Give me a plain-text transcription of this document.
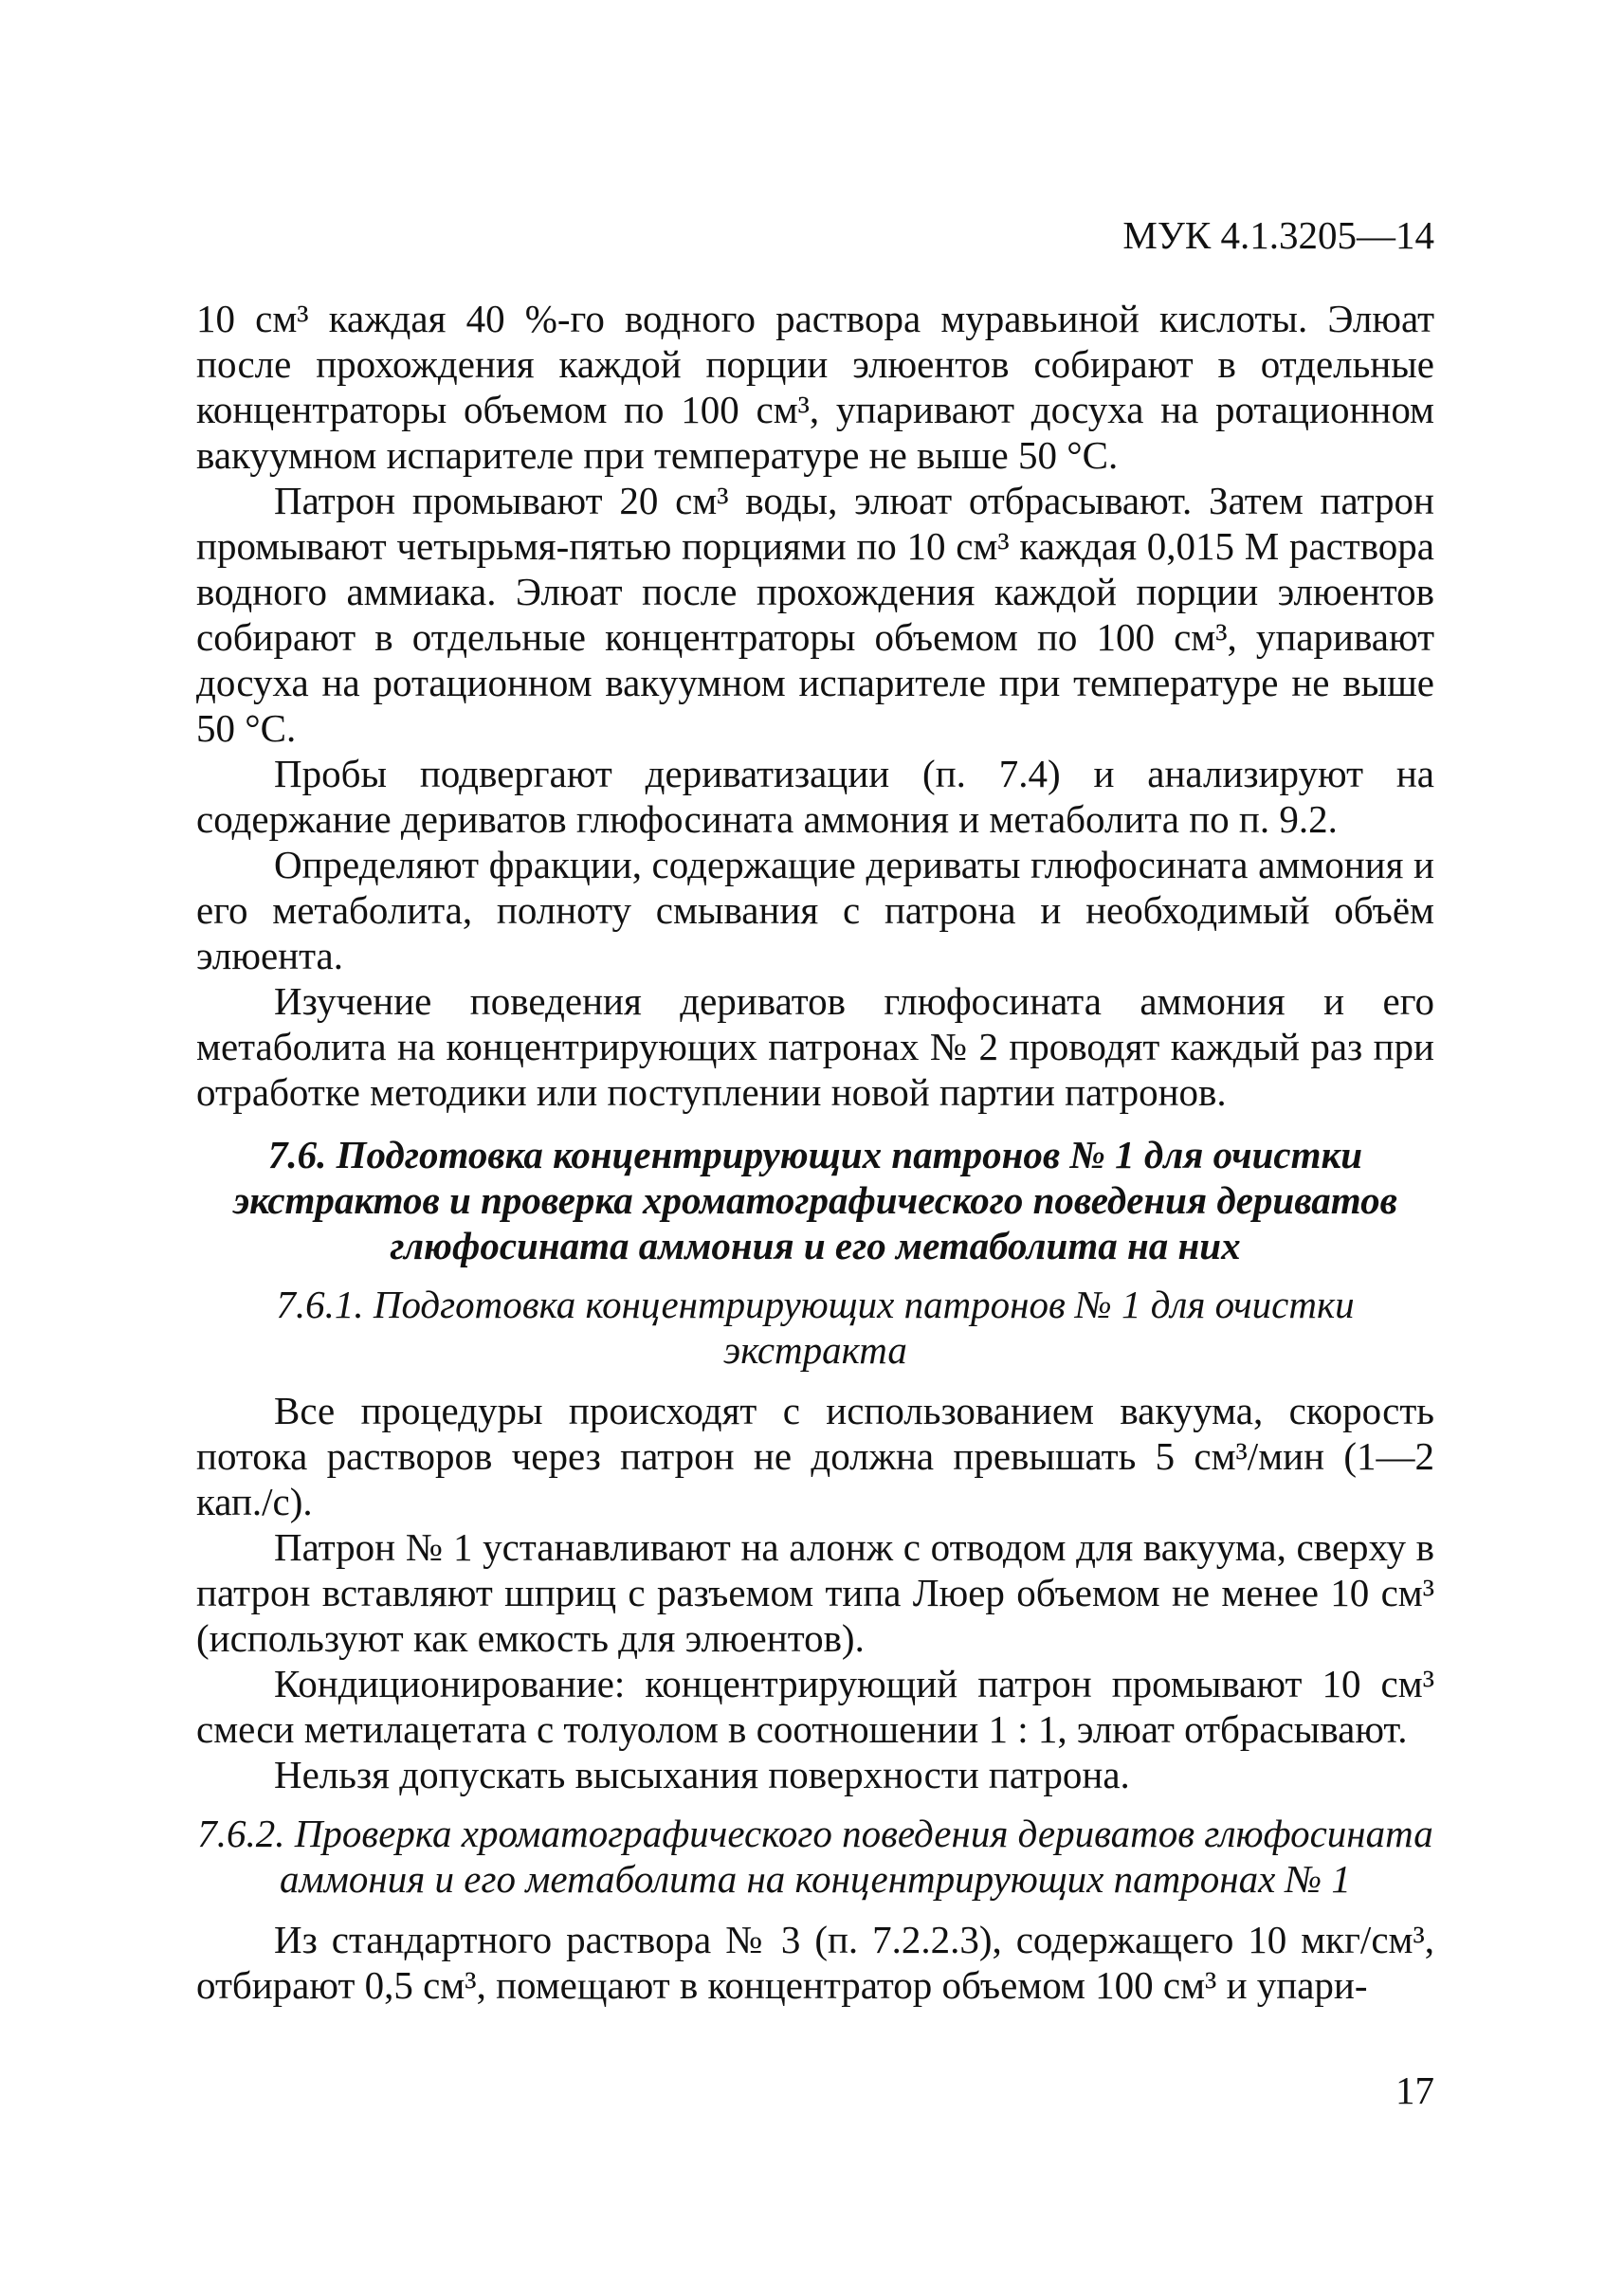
МУК 4.1.3205—14

10 см³ каждая 40 %-го водного раствора муравьиной кислоты. Элюат после прохождения каждой порции элюентов собирают в отдельные концентраторы объемом по 100 см³, упаривают досуха на ротационном вакуумном испарителе при температуре не выше 50 °С.

Патрон промывают 20 см³ воды, элюат отбрасывают. Затем патрон промывают четырьмя-пятью порциями по 10 см³ каждая 0,015 М раствора водного аммиака. Элюат после прохождения каждой порции элюентов собирают в отдельные концентраторы объемом по 100 см³, упаривают досуха на ротационном вакуумном испарителе при температуре не выше 50 °С.

Пробы подвергают дериватизации (п. 7.4) и анализируют на содержание дериватов глюфосината аммония и метаболита по п. 9.2.

Определяют фракции, содержащие дериваты глюфосината аммония и его метаболита, полноту смывания с патрона и необходимый объём элюента.

Изучение поведения дериватов глюфосината аммония и его метаболита на концентрирующих патронах № 2 проводят каждый раз при отработке методики или поступлении новой партии патронов.

7.6. Подготовка концентрирующих патронов № 1 для очистки экстрактов и проверка хроматографического поведения дериватов глюфосината аммония и его метаболита на них

7.6.1. Подготовка концентрирующих патронов № 1 для очистки экстракта

Все процедуры происходят с использованием вакуума, скорость потока растворов через патрон не должна превышать 5 см³/мин (1—2 кап./с).

Патрон № 1 устанавливают на алонж с отводом для вакуума, сверху в патрон вставляют шприц с разъемом типа Люер объемом не менее 10 см³ (используют как емкость для элюентов).

Кондиционирование: концентрирующий патрон промывают 10 см³ смеси метилацетата с толуолом в соотношении 1 : 1, элюат отбрасывают.

Нельзя допускать высыхания поверхности патрона.

7.6.2. Проверка хроматографического поведения дериватов глюфосината аммония и его метаболита на концентрирующих патронах № 1

Из стандартного раствора № 3 (п. 7.2.2.3), содержащего 10 мкг/см³, отбирают 0,5 см³, помещают в концентратор объемом 100 см³ и упари-

17
